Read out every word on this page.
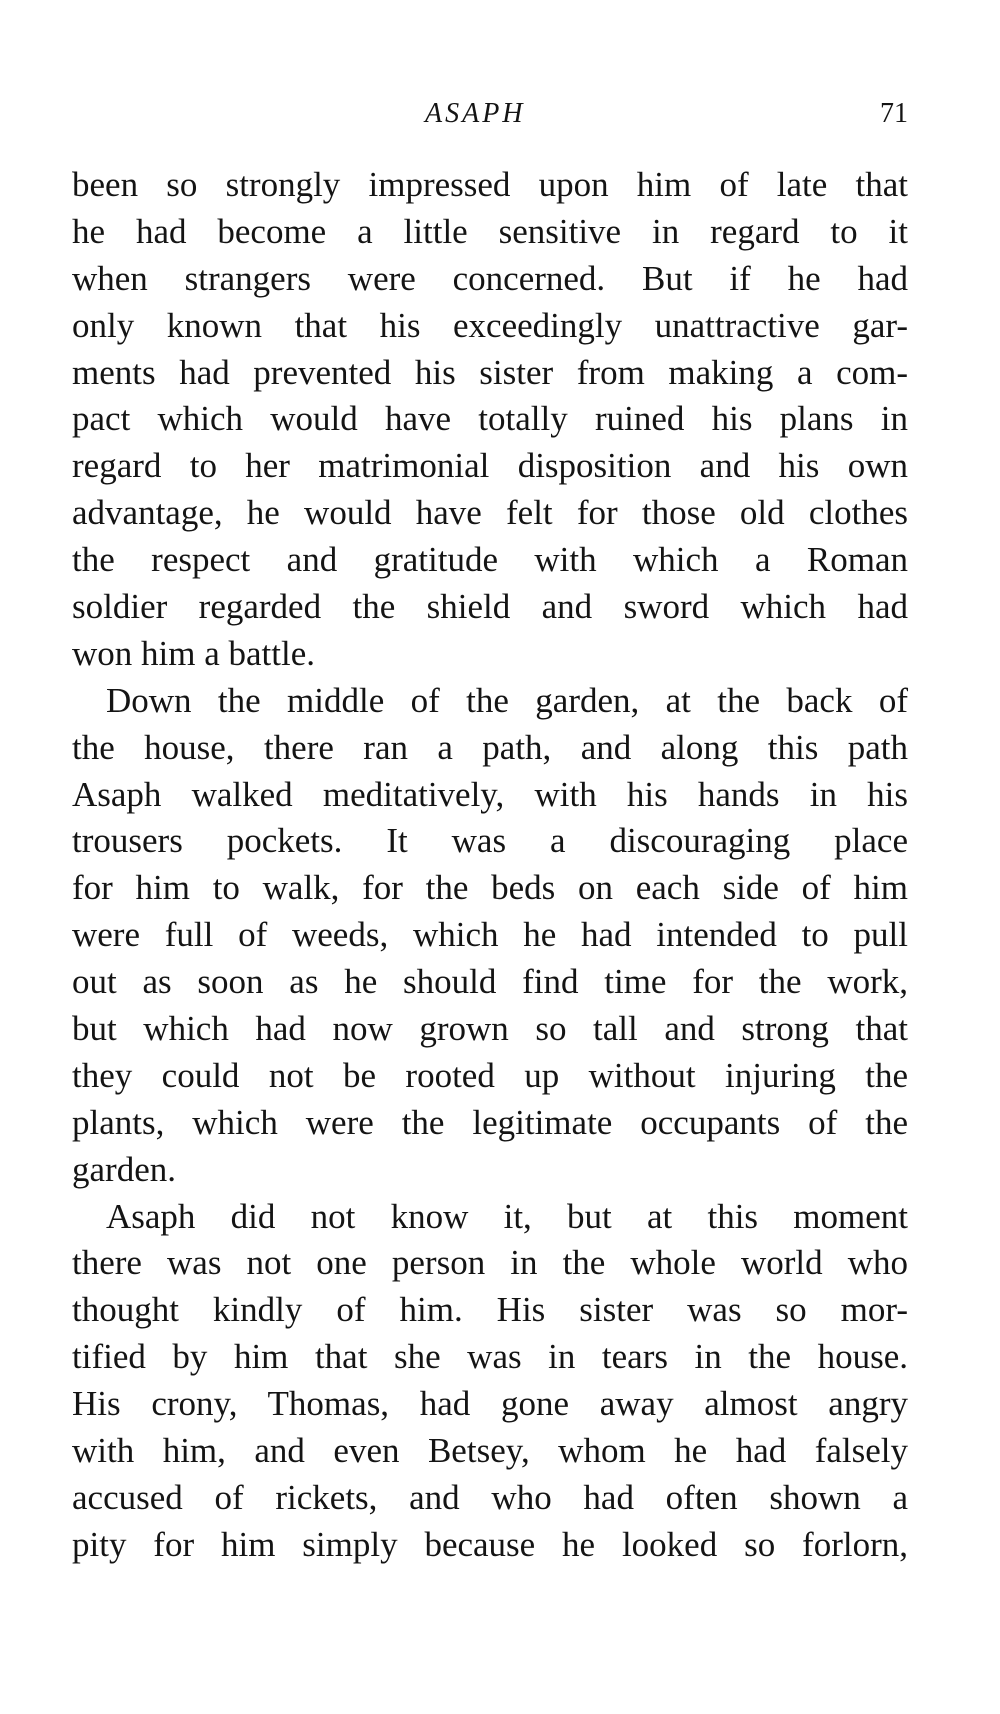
ASAPH	71

been so strongly impressed upon him of late that
he had become a little sensitive in regard to it
when strangers were concerned. But if he had
only known that his exceedingly unattractive gar-
ments had prevented his sister from making a com-
pact which would have totally ruined his plans in
regard to her matrimonial disposition and his own
advantage, he would have felt for those old clothes
the respect and gratitude with which a Roman
soldier regarded the shield and sword which had
won him a battle.

Down the middle of the garden, at the back of
the house, there ran a path, and along this path
Asaph walked meditatively, with his hands in his
trousers pockets. It was a discouraging place
for him to walk, for the beds on each side of him
were full of weeds, which he had intended to pull
out as soon as he should find time for the work,
but which had now grown so tall and strong that
they could not be rooted up without injuring the
plants, which were the legitimate occupants of the
garden.

Asaph did not know it, but at this moment
there was not one person in the whole world who
thought kindly of him. His sister was so mor-
tified by him that she was in tears in the house.
His crony, Thomas, had gone away almost angry
with him, and even Betsey, whom he had falsely
accused of rickets, and who had often shown a
pity for him simply because he looked so forlorn,
